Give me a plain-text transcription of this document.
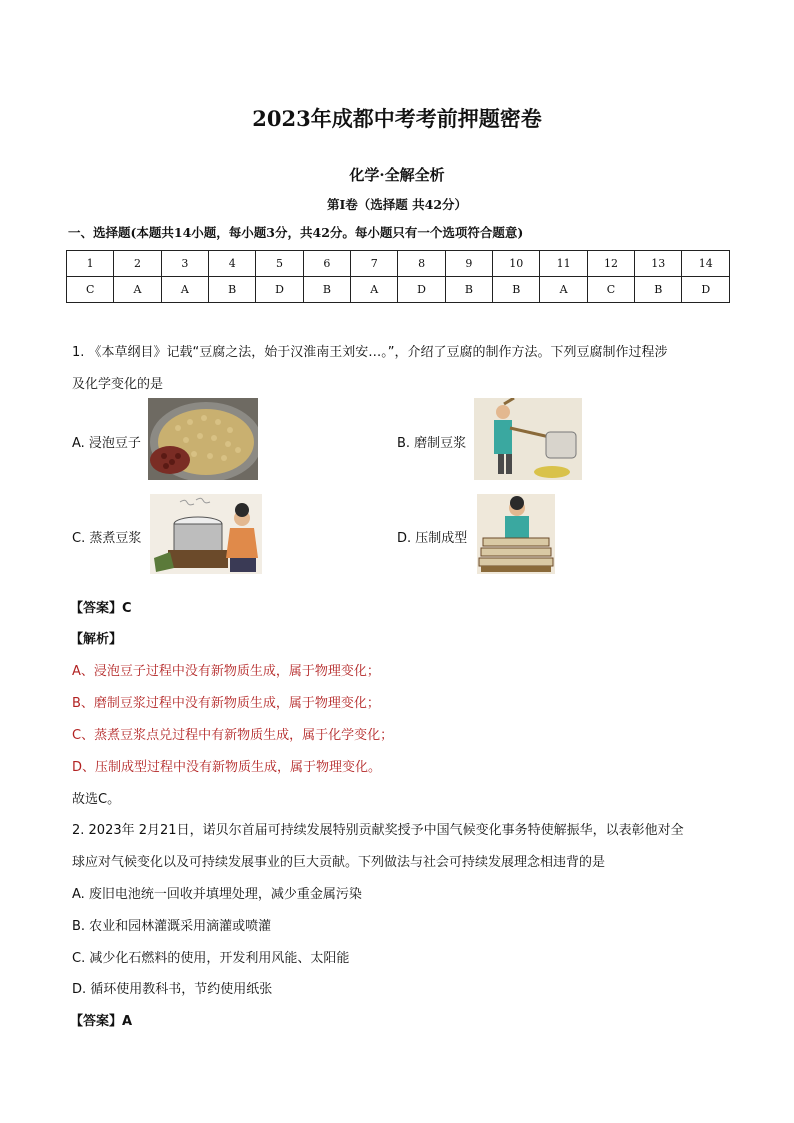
2023年成都中考考前押题密卷
化学·全解全析
第Ⅰ卷（选择题 共42分）
一、选择题(本题共14小题，每小题3分，共42分。每小题只有一个选项符合题意)
1	2	3	4	5	6	7	8	9	10	11	12	13	14
C	A	A	B	D	B	A	D	B	B	A	C	B	D
1. 《本草纲目》记载“豆腐之法，始于汉淮南王刘安…。”，介绍了豆腐的制作方法。下列豆腐制作过程涉
及化学变化的是
A. 浸泡豆子	B. 磨制豆浆
C. 蒸煮豆浆	D. 压制成型
【答案】C
【解析】
A、浸泡豆子过程中没有新物质生成，属于物理变化；
B、磨制豆浆过程中没有新物质生成，属于物理变化；
C、蒸煮豆浆点兑过程中有新物质生成，属于化学变化；
D、压制成型过程中没有新物质生成，属于物理变化。
故选C。
2. 2023年 2月21日，诺贝尔首届可持续发展特别贡献奖授予中国气候变化事务特使解振华，以表彰他对全
球应对气候变化以及可持续发展事业的巨大贡献。下列做法与社会可持续发展理念相违背的是
A. 废旧电池统一回收并填埋处理，减少重金属污染
B. 农业和园林灌溉采用滴灌或喷灌
C. 减少化石燃料的使用，开发利用风能、太阳能
D. 循环使用教科书，节约使用纸张
【答案】A
